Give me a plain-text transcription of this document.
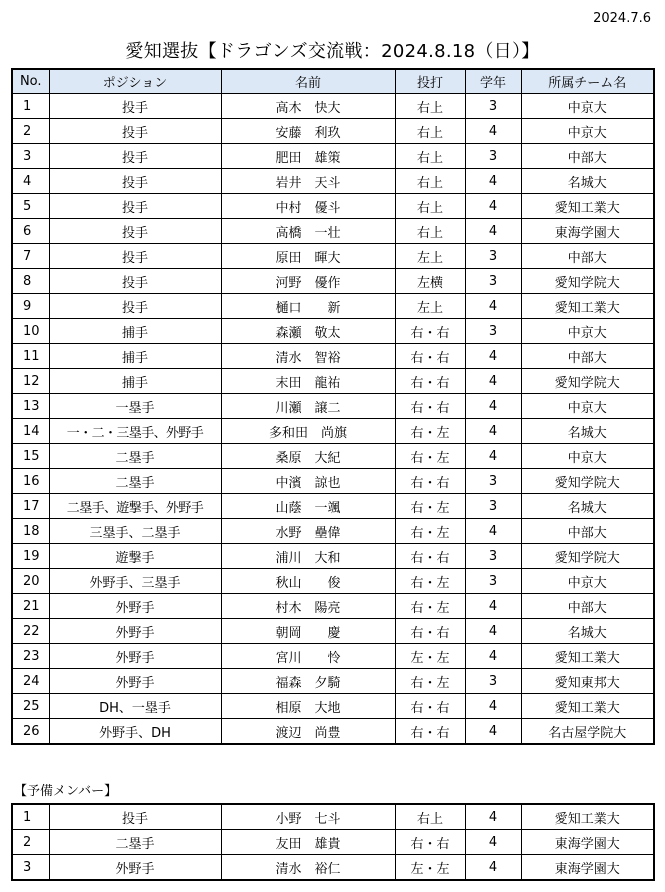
2024.7.6
愛知選抜【ドラゴンズ交流戦：2024.8.18（日）】
No.	ポジション	名前	投打	学年	所属チーム名
1	投手	高木　快大	右上	3	中京大
2	投手	安藤　利玖	右上	4	中京大
3	投手	肥田　雄策	右上	3	中部大
4	投手	岩井　天斗	右上	4	名城大
5	投手	中村　優斗	右上	4	愛知工業大
6	投手	高橋　一壮	右上	4	東海学園大
7	投手	原田　暉大	左上	3	中部大
8	投手	河野　優作	左横	3	愛知学院大
9	投手	樋口　　新	左上	4	愛知工業大
10	捕手	森瀬　敬太	右・右	3	中京大
11	捕手	清水　智裕	右・右	4	中部大
12	捕手	末田　龍祐	右・右	4	愛知学院大
13	一塁手	川瀬　譲二	右・右	4	中京大
14	一・二・三塁手、外野手	多和田　尚旗	右・左	4	名城大
15	二塁手	桑原　大紀	右・左	4	中京大
16	二塁手	中濱　諒也	右・右	3	愛知学院大
17	二塁手、遊撃手、外野手	山蔭　一颯	右・左	3	名城大
18	三塁手、二塁手	水野　壘偉	右・左	4	中部大
19	遊撃手	浦川　大和	右・右	3	愛知学院大
20	外野手、三塁手	秋山　　俊	右・左	3	中京大
21	外野手	村木　陽亮	右・左	4	中部大
22	外野手	朝岡　　慶	右・右	4	名城大
23	外野手	宮川　　怜	左・左	4	愛知工業大
24	外野手	福森　夕騎	右・左	3	愛知東邦大
25	DH、一塁手	相原　大地	右・右	4	愛知工業大
26	外野手、DH	渡辺　尚豊	右・右	4	名古屋学院大
【予備メンバー】
1	投手	小野　七斗	右上	4	愛知工業大
2	二塁手	友田　雄貴	右・右	4	東海学園大
3	外野手	清水　裕仁	左・左	4	東海学園大
